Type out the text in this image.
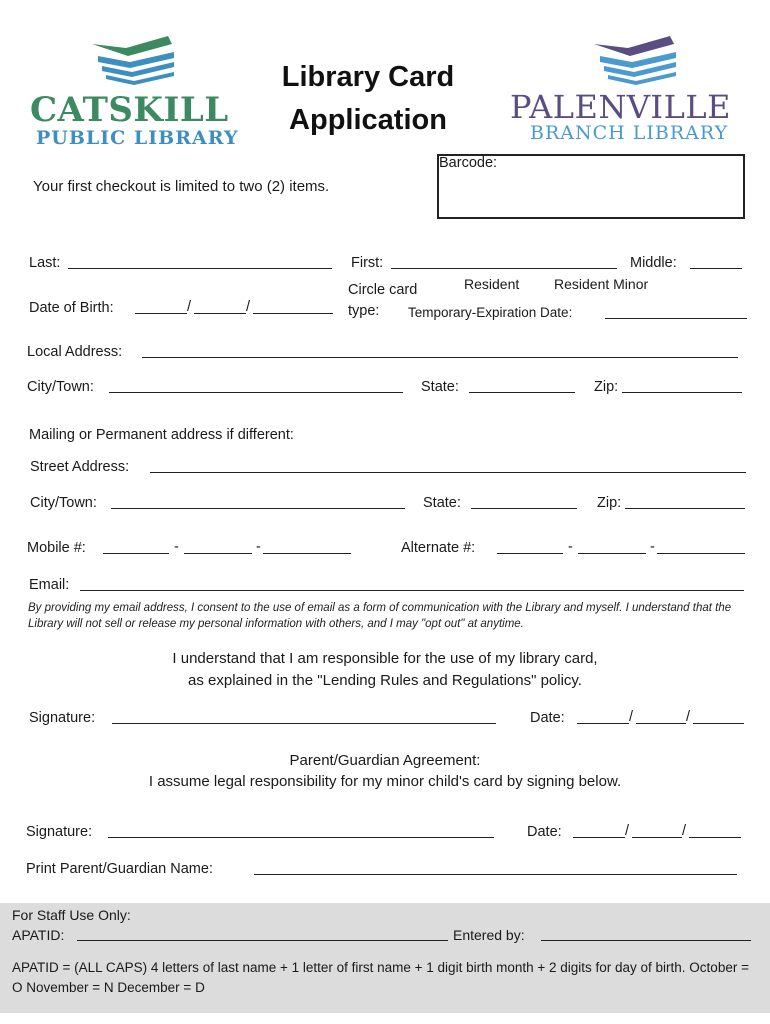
CATSKILL
PUBLIC LIBRARY
Library Card
Application	PALENVILLE
BRANCH LIBRARY
Your first checkout is limited to two (2) items.
Barcode:
Last:	First:	Middle:
Date of Birth:	/	/
Circle card
type:
Resident Resident Minor
Temporary-Expiration Date:
Local Address:
City/Town:	State:	Zip:
Mailing or Permanent address if different:
Street Address:
City/Town:	State:	Zip:
Mobile #:	-	-	Alternate #:	-	-
Email:
By providing my email address, I consent to the use of email as a form of communication with the Library and myself. I understand that the Library will not sell or release my personal information with others, and I may "opt out" at anytime.
I understand that I am responsible for the use of my library card,
as explained in the "Lending Rules and Regulations" policy.
Signature:	Date:	/	/
Parent/Guardian Agreement:
I assume legal responsibility for my minor child's card by signing below.
Signature:	Date:	/	/
Print Parent/Guardian Name:
For Staff Use Only:
APATID:	Entered by:
APATID = (ALL CAPS) 4 letters of last name + 1 letter of first name + 1 digit birth month + 2 digits for day of birth. October = O November = N December = D
